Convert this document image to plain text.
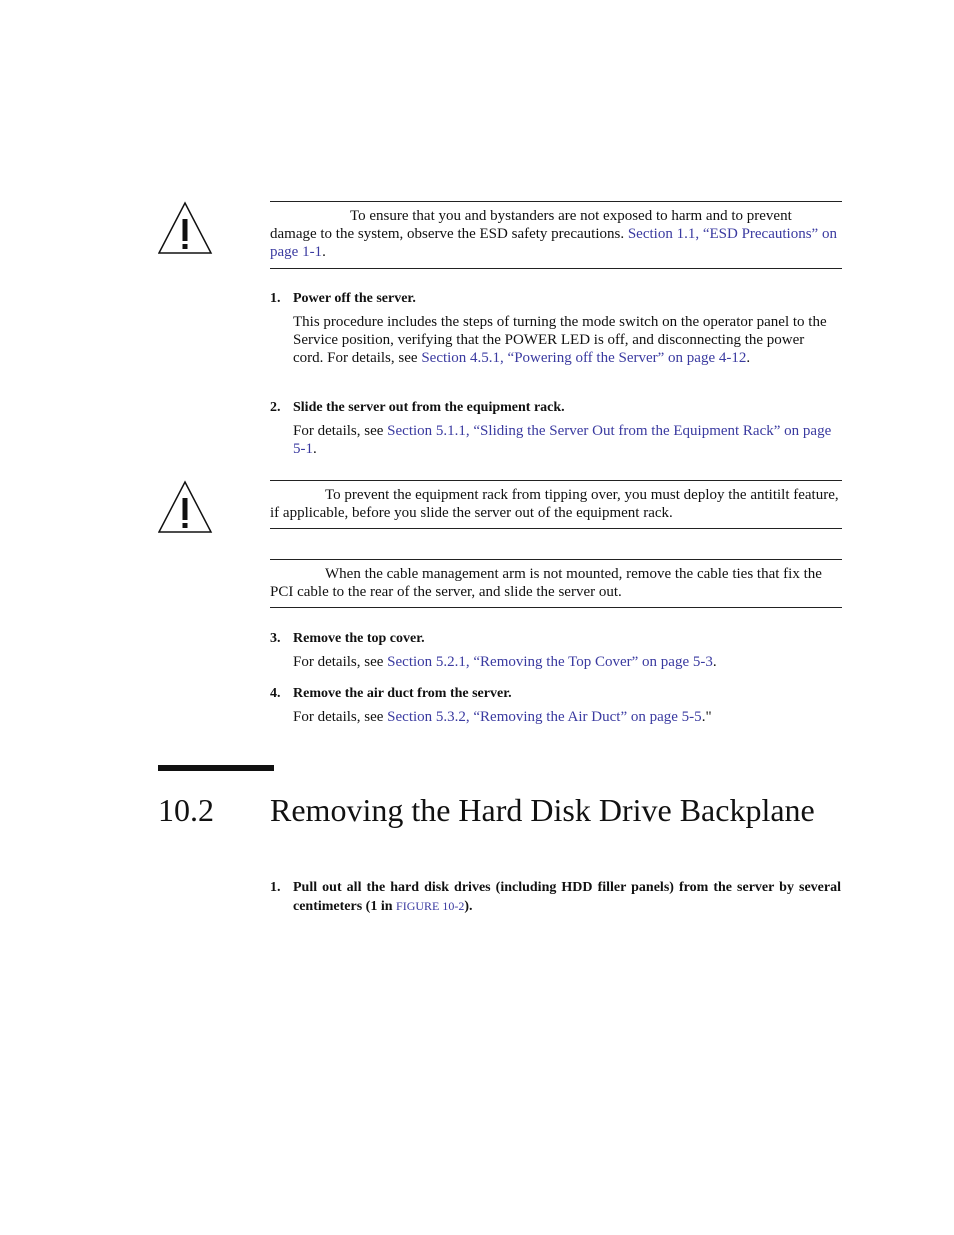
To ensure that you and bystanders are not exposed to harm and to prevent damage to the system, observe the ESD safety precautions. Section 1.1, “ESD Precautions” on page 1-1.
1. Power off the server.
This procedure includes the steps of turning the mode switch on the operator panel to the Service position, verifying that the POWER LED is off, and disconnecting the power cord. For details, see Section 4.5.1, “Powering off the Server” on page 4-12.
2. Slide the server out from the equipment rack.
For details, see Section 5.1.1, “Sliding the Server Out from the Equipment Rack” on page 5-1.
To prevent the equipment rack from tipping over, you must deploy the antitilt feature, if applicable, before you slide the server out of the equipment rack.
When the cable management arm is not mounted, remove the cable ties that fix the PCI cable to the rear of the server, and slide the server out.
3. Remove the top cover.
For details, see Section 5.2.1, “Removing the Top Cover” on page 5-3.
4. Remove the air duct from the server.
For details, see Section 5.3.2, “Removing the Air Duct” on page 5-5."
10.2 Removing the Hard Disk Drive Backplane
1. Pull out all the hard disk drives (including HDD filler panels) from the server by several centimeters (1 in FIGURE 10-2).
